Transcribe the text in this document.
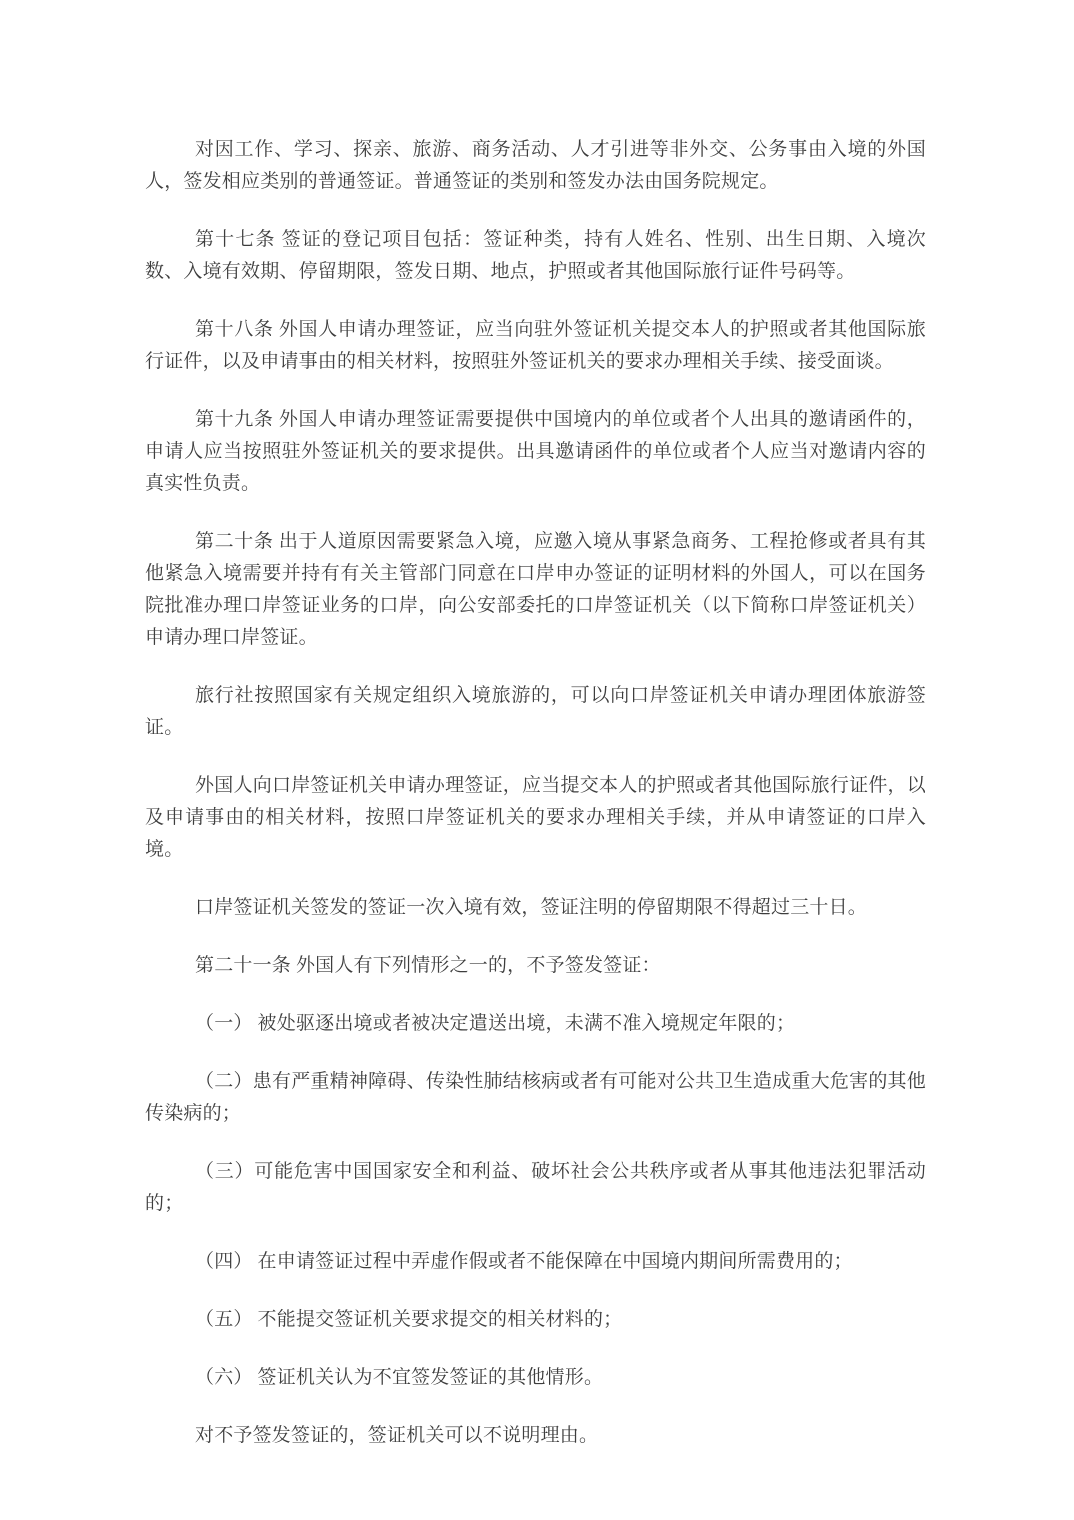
对因工作、学习、探亲、旅游、商务活动、人才引进等非外交、公务事由入境的外国人，签发相应类别的普通签证。普通签证的类别和签发办法由国务院规定。

第十七条 签证的登记项目包括：签证种类，持有人姓名、性别、出生日期、入境次数、入境有效期、停留期限，签发日期、地点，护照或者其他国际旅行证件号码等。

第十八条 外国人申请办理签证，应当向驻外签证机关提交本人的护照或者其他国际旅行证件，以及申请事由的相关材料，按照驻外签证机关的要求办理相关手续、接受面谈。

第十九条 外国人申请办理签证需要提供中国境内的单位或者个人出具的邀请函件的，申请人应当按照驻外签证机关的要求提供。出具邀请函件的单位或者个人应当对邀请内容的真实性负责。

第二十条 出于人道原因需要紧急入境，应邀入境从事紧急商务、工程抢修或者具有其他紧急入境需要并持有有关主管部门同意在口岸申办签证的证明材料的外国人，可以在国务院批准办理口岸签证业务的口岸，向公安部委托的口岸签证机关（以下简称口岸签证机关）申请办理口岸签证。

旅行社按照国家有关规定组织入境旅游的，可以向口岸签证机关申请办理团体旅游签证。

外国人向口岸签证机关申请办理签证，应当提交本人的护照或者其他国际旅行证件，以及申请事由的相关材料，按照口岸签证机关的要求办理相关手续，并从申请签证的口岸入境。

口岸签证机关签发的签证一次入境有效，签证注明的停留期限不得超过三十日。

第二十一条 外国人有下列情形之一的，不予签发签证：

（一） 被处驱逐出境或者被决定遣送出境，未满不准入境规定年限的；

（二）患有严重精神障碍、传染性肺结核病或者有可能对公共卫生造成重大危害的其他传染病的；

（三）可能危害中国国家安全和利益、破坏社会公共秩序或者从事其他违法犯罪活动的；

（四） 在申请签证过程中弄虚作假或者不能保障在中国境内期间所需费用的；

（五） 不能提交签证机关要求提交的相关材料的；

（六） 签证机关认为不宜签发签证的其他情形。

对不予签发签证的，签证机关可以不说明理由。
